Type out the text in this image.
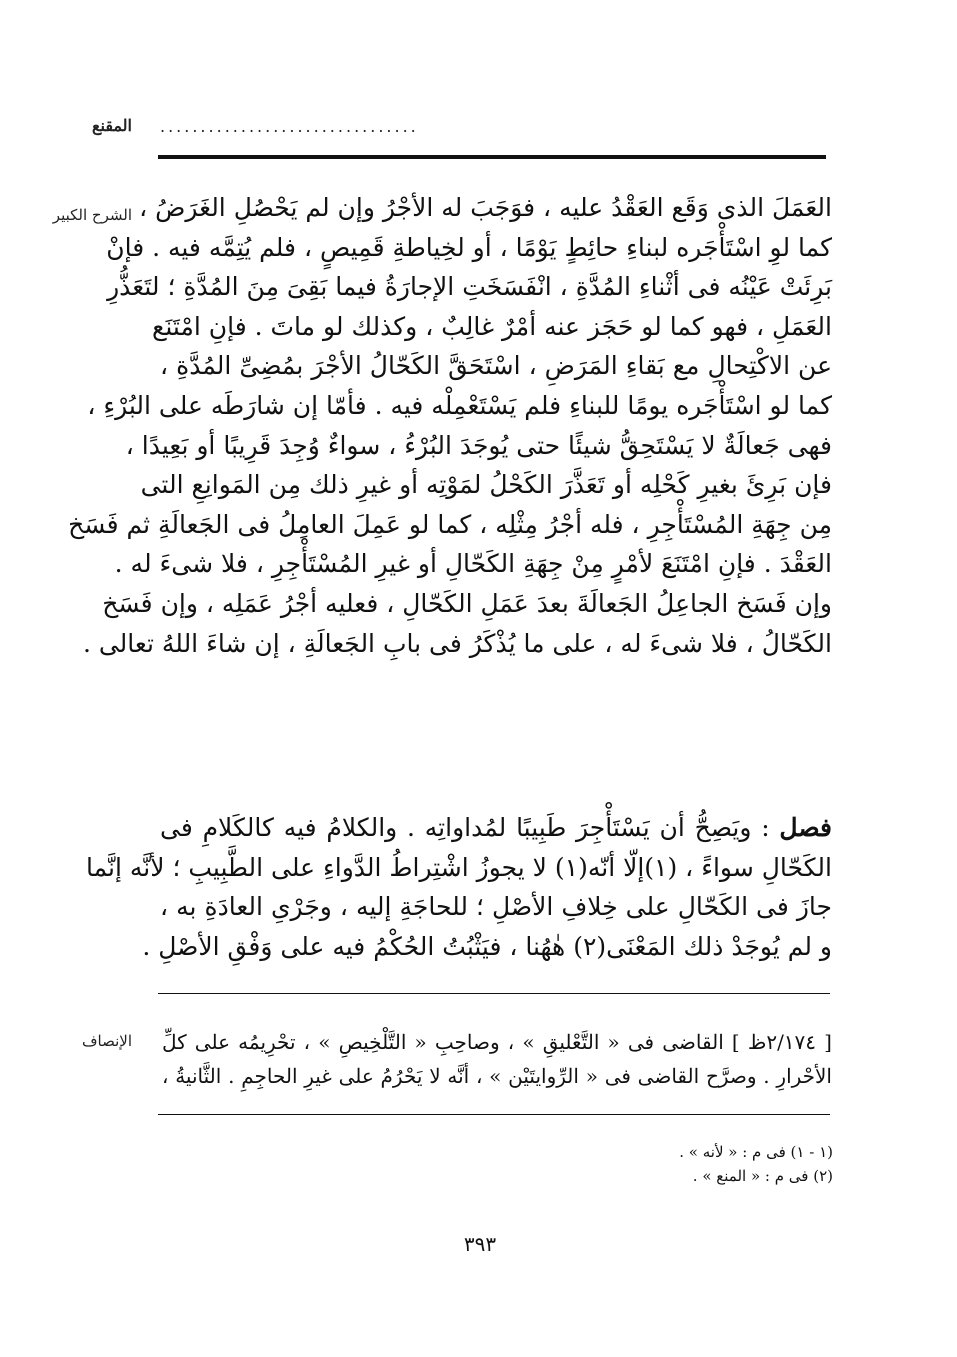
المقنع ................................
الشرح الكبير العَمَلَ الذى وَقَع العَقْدُ عليه ، فوَجَبَ له الأجْرُ وإن لم يَحْصُلِ الغَرَضُ ،
كما لوِ اسْتَأْجَره لبناءِ حائِطٍ يَوْمًا ، أو لخِياطةِ قَمِيصٍ ، فلم يُتِمَّه فيه . فإنْ
بَرِئَتْ عَيْنُه فى أثْناءِ المُدَّةِ ، انْفَسَخَتِ الإجارَةُ فيما بَقِىَ مِنَ المُدَّةِ ؛ لتَعَذُّرِ
العَمَلِ ، فهو كما لو حَجَز عنه أمْرٌ غالِبٌ ، وكذلك لو ماتَ . فإنِ امْتَنَع
عن الاكْتِحالِ مع بَقاءِ المَرَضِ ، اسْتَحَقَّ الكَحّالُ الأجْرَ بمُضِىِّ المُدَّةِ ،
كما لو اسْتَأْجَره يومًا للبناءِ فلم يَسْتَعْمِلْه فيه . فأمّا إن شارَطَه على البُرْءِ ،
فهى جَعالَةٌ لا يَسْتَحِقُّ شيئًا حتى يُوجَدَ البُرْءُ ، سواءٌ وُجِدَ قَرِيبًا أو بَعِيدًا ،
فإن بَرِئَ بغيرِ كَحْلِه أو تَعَذَّرَ الكَحْلُ لمَوْتِه أو غيرِ ذلك مِن المَوانِعِ التى
مِن جِهَةِ المُسْتَأْجِرِ ، فله أجْرُ مِثْلِه ، كما لو عَمِلَ العامِلُ فى الجَعالَةِ ثم فَسَخ
العَقْدَ . فإنِ امْتَنَعَ لأمْرٍ مِنْ جِهَةِ الكَحّالِ أو غيرِ المُسْتَأْجِرِ ، فلا شىءَ له .
وإن فَسَخ الجاعِلُ الجَعالَةَ بعدَ عَمَلِ الكَحّالِ ، فعليه أجْرُ عَمَلِه ، وإن فَسَخ
الكَحّالُ ، فلا شىءَ له ، على ما يُذْكَرُ فى بابِ الجَعالَةِ ، إن شاءَ اللهُ تعالى .
فصل : ويَصِحُّ أن يَسْتَأْجِرَ طَبِيبًا لمُداواتِه . والكلامُ فيه كالكَلامِ فى
الكَحّالِ سواءً ، (١)إلّا أنّه(١) لا يجوزُ اشْتِراطُ الدَّواءِ على الطَّبِيبِ ؛ لأنَّه إنَّما
جازَ فى الكَحّالِ على خِلافِ الأصْلِ ؛ للحاجَةِ إليه ، وجَرْىِ العادَةِ به ،
و لم يُوجَدْ ذلك المَعْنَى(٢) هٰهُنا ، فيَثْبُتُ الحُكْمُ فيه على وَفْقِ الأصْلِ .
الإنصاف [ ٢/١٧٤ظ ] القاضى فى « التَّعْليقِ » ، وصاحِبِ « التَّلْخِيصِ » ، تحْرِيمُه على كلِّ
الأحْرارِ . وصرَّح القاضى فى « الرِّوايتَيْن » ، أنَّه لا يَحْرُمُ على غيرِ الحاجِمِ . الثَّانيةُ ،
(١ - ١) فى م : « لأنه » .
(٢) فى م : « المنع » .
٣٩٣
